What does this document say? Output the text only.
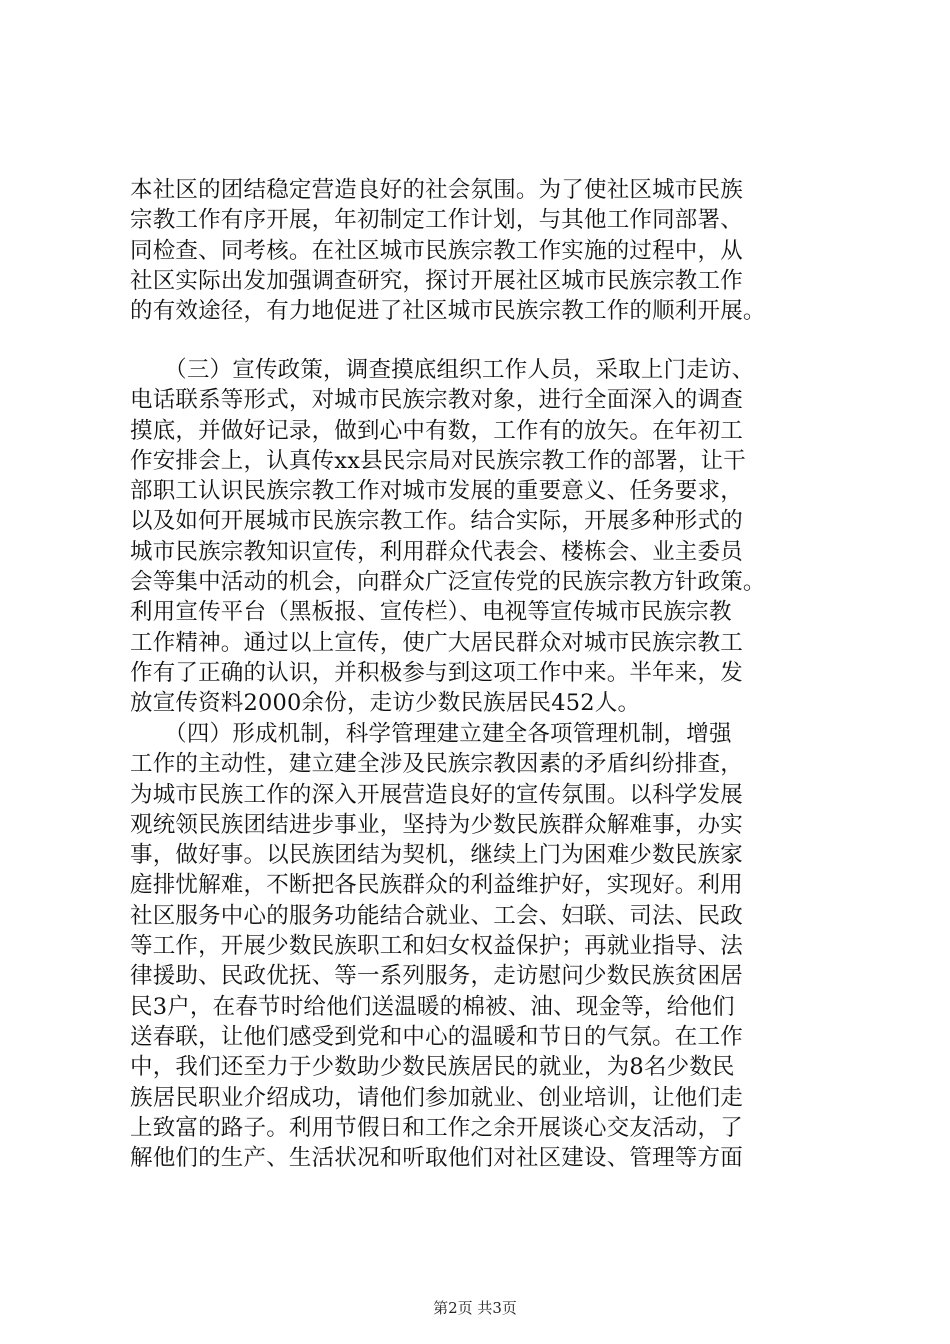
本社区的团结稳定营造良好的社会氛围。为了使社区城市民族
宗教工作有序开展，年初制定工作计划，与其他工作同部署、
同检查、同考核。在社区城市民族宗教工作实施的过程中，从
社区实际出发加强调查研究，探讨开展社区城市民族宗教工作
的有效途径，有力地促进了社区城市民族宗教工作的顺利开展。
　　（三）宣传政策，调查摸底组织工作人员，采取上门走访、
电话联系等形式，对城市民族宗教对象，进行全面深入的调查
摸底，并做好记录，做到心中有数，工作有的放矢。在年初工
作安排会上，认真传xx县民宗局对民族宗教工作的部署，让干
部职工认识民族宗教工作对城市发展的重要意义、任务要求，
以及如何开展城市民族宗教工作。结合实际，开展多种形式的
城市民族宗教知识宣传，利用群众代表会、楼栋会、业主委员
会等集中活动的机会，向群众广泛宣传党的民族宗教方针政策。
利用宣传平台（黑板报、宣传栏）、电视等宣传城市民族宗教
工作精神。通过以上宣传，使广大居民群众对城市民族宗教工
作有了正确的认识，并积极参与到这项工作中来。半年来，发
放宣传资料2000余份，走访少数民族居民452人。
　　（四）形成机制，科学管理建立建全各项管理机制，增强
工作的主动性，建立建全涉及民族宗教因素的矛盾纠纷排查，
为城市民族工作的深入开展营造良好的宣传氛围。以科学发展
观统领民族团结进步事业，坚持为少数民族群众解难事，办实
事，做好事。以民族团结为契机，继续上门为困难少数民族家
庭排忧解难，不断把各民族群众的利益维护好，实现好。利用
社区服务中心的服务功能结合就业、工会、妇联、司法、民政
等工作，开展少数民族职工和妇女权益保护；再就业指导、法
律援助、民政优抚、等一系列服务，走访慰问少数民族贫困居
民3户，在春节时给他们送温暖的棉被、油、现金等，给他们
送春联，让他们感受到党和中心的温暖和节日的气氛。在工作
中，我们还至力于少数助少数民族居民的就业，为8名少数民
族居民职业介绍成功，请他们参加就业、创业培训，让他们走
上致富的路子。利用节假日和工作之余开展谈心交友活动，了
解他们的生产、生活状况和听取他们对社区建设、管理等方面
第2页 共3页
